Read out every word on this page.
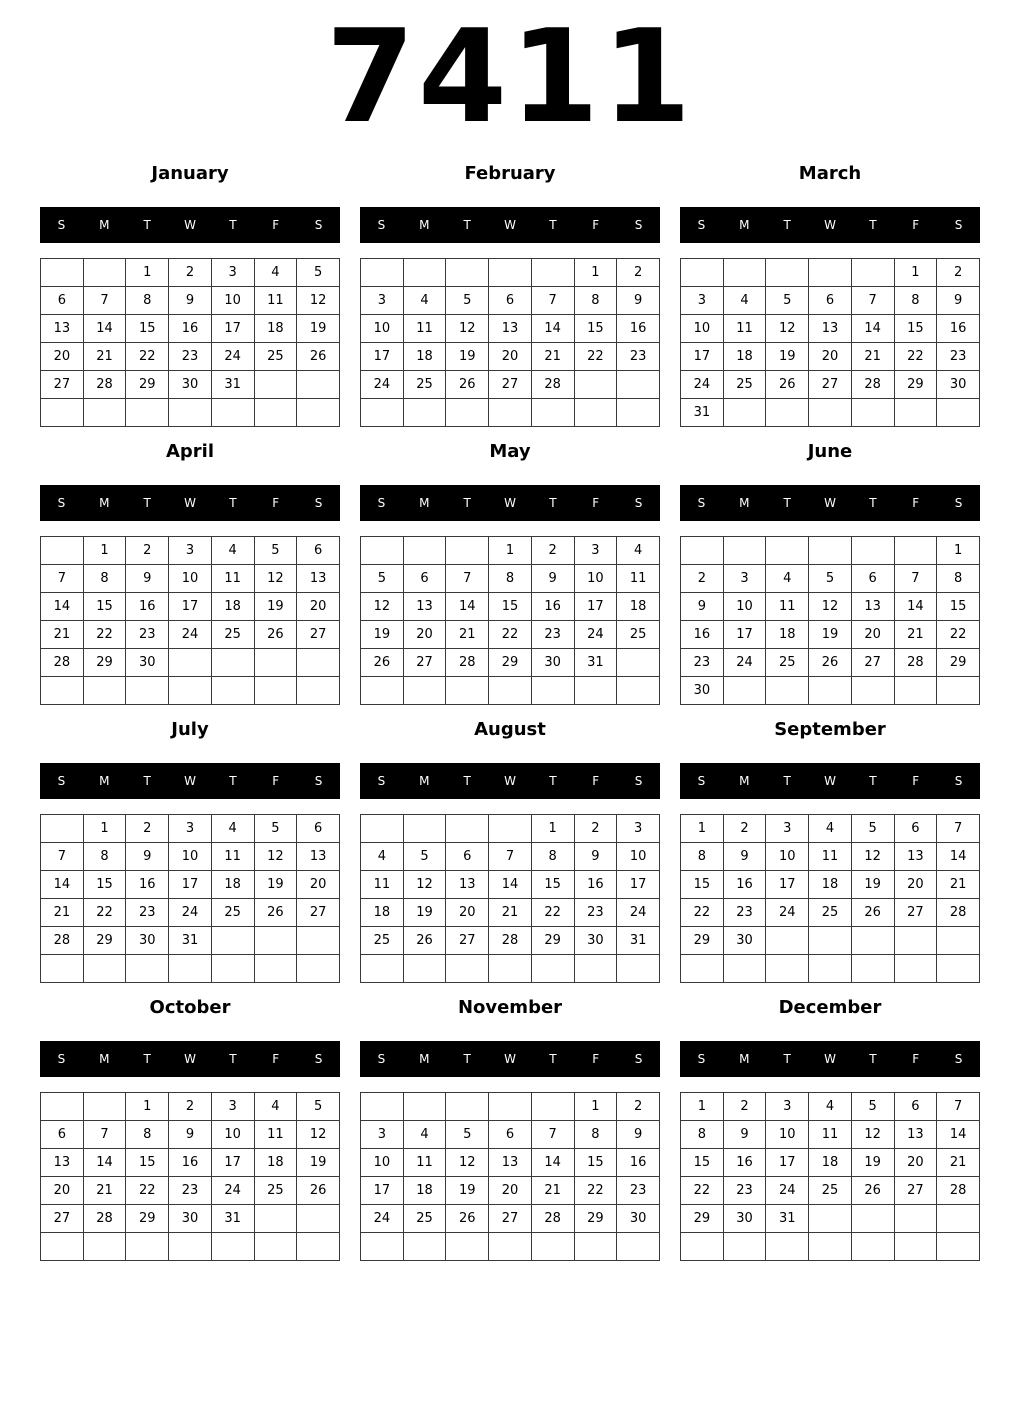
7411
January
S	M	T	W	T	F	S
		1	2	3	4	5
6	7	8	9	10	11	12
13	14	15	16	17	18	19
20	21	22	23	24	25	26
27	28	29	30	31		

February
S	M	T	W	T	F	S
					1	2
3	4	5	6	7	8	9
10	11	12	13	14	15	16
17	18	19	20	21	22	23
24	25	26	27	28		

March
S	M	T	W	T	F	S
					1	2
3	4	5	6	7	8	9
10	11	12	13	14	15	16
17	18	19	20	21	22	23
24	25	26	27	28	29	30
31						
April
S	M	T	W	T	F	S
	1	2	3	4	5	6
7	8	9	10	11	12	13
14	15	16	17	18	19	20
21	22	23	24	25	26	27
28	29	30				

May
S	M	T	W	T	F	S
			1	2	3	4
5	6	7	8	9	10	11
12	13	14	15	16	17	18
19	20	21	22	23	24	25
26	27	28	29	30	31	

June
S	M	T	W	T	F	S
						1
2	3	4	5	6	7	8
9	10	11	12	13	14	15
16	17	18	19	20	21	22
23	24	25	26	27	28	29
30						
July
S	M	T	W	T	F	S
	1	2	3	4	5	6
7	8	9	10	11	12	13
14	15	16	17	18	19	20
21	22	23	24	25	26	27
28	29	30	31			

August
S	M	T	W	T	F	S
				1	2	3
4	5	6	7	8	9	10
11	12	13	14	15	16	17
18	19	20	21	22	23	24
25	26	27	28	29	30	31

September
S	M	T	W	T	F	S
1	2	3	4	5	6	7
8	9	10	11	12	13	14
15	16	17	18	19	20	21
22	23	24	25	26	27	28
29	30					

October
S	M	T	W	T	F	S
		1	2	3	4	5
6	7	8	9	10	11	12
13	14	15	16	17	18	19
20	21	22	23	24	25	26
27	28	29	30	31		

November
S	M	T	W	T	F	S
					1	2
3	4	5	6	7	8	9
10	11	12	13	14	15	16
17	18	19	20	21	22	23
24	25	26	27	28	29	30

December
S	M	T	W	T	F	S
1	2	3	4	5	6	7
8	9	10	11	12	13	14
15	16	17	18	19	20	21
22	23	24	25	26	27	28
29	30	31				
